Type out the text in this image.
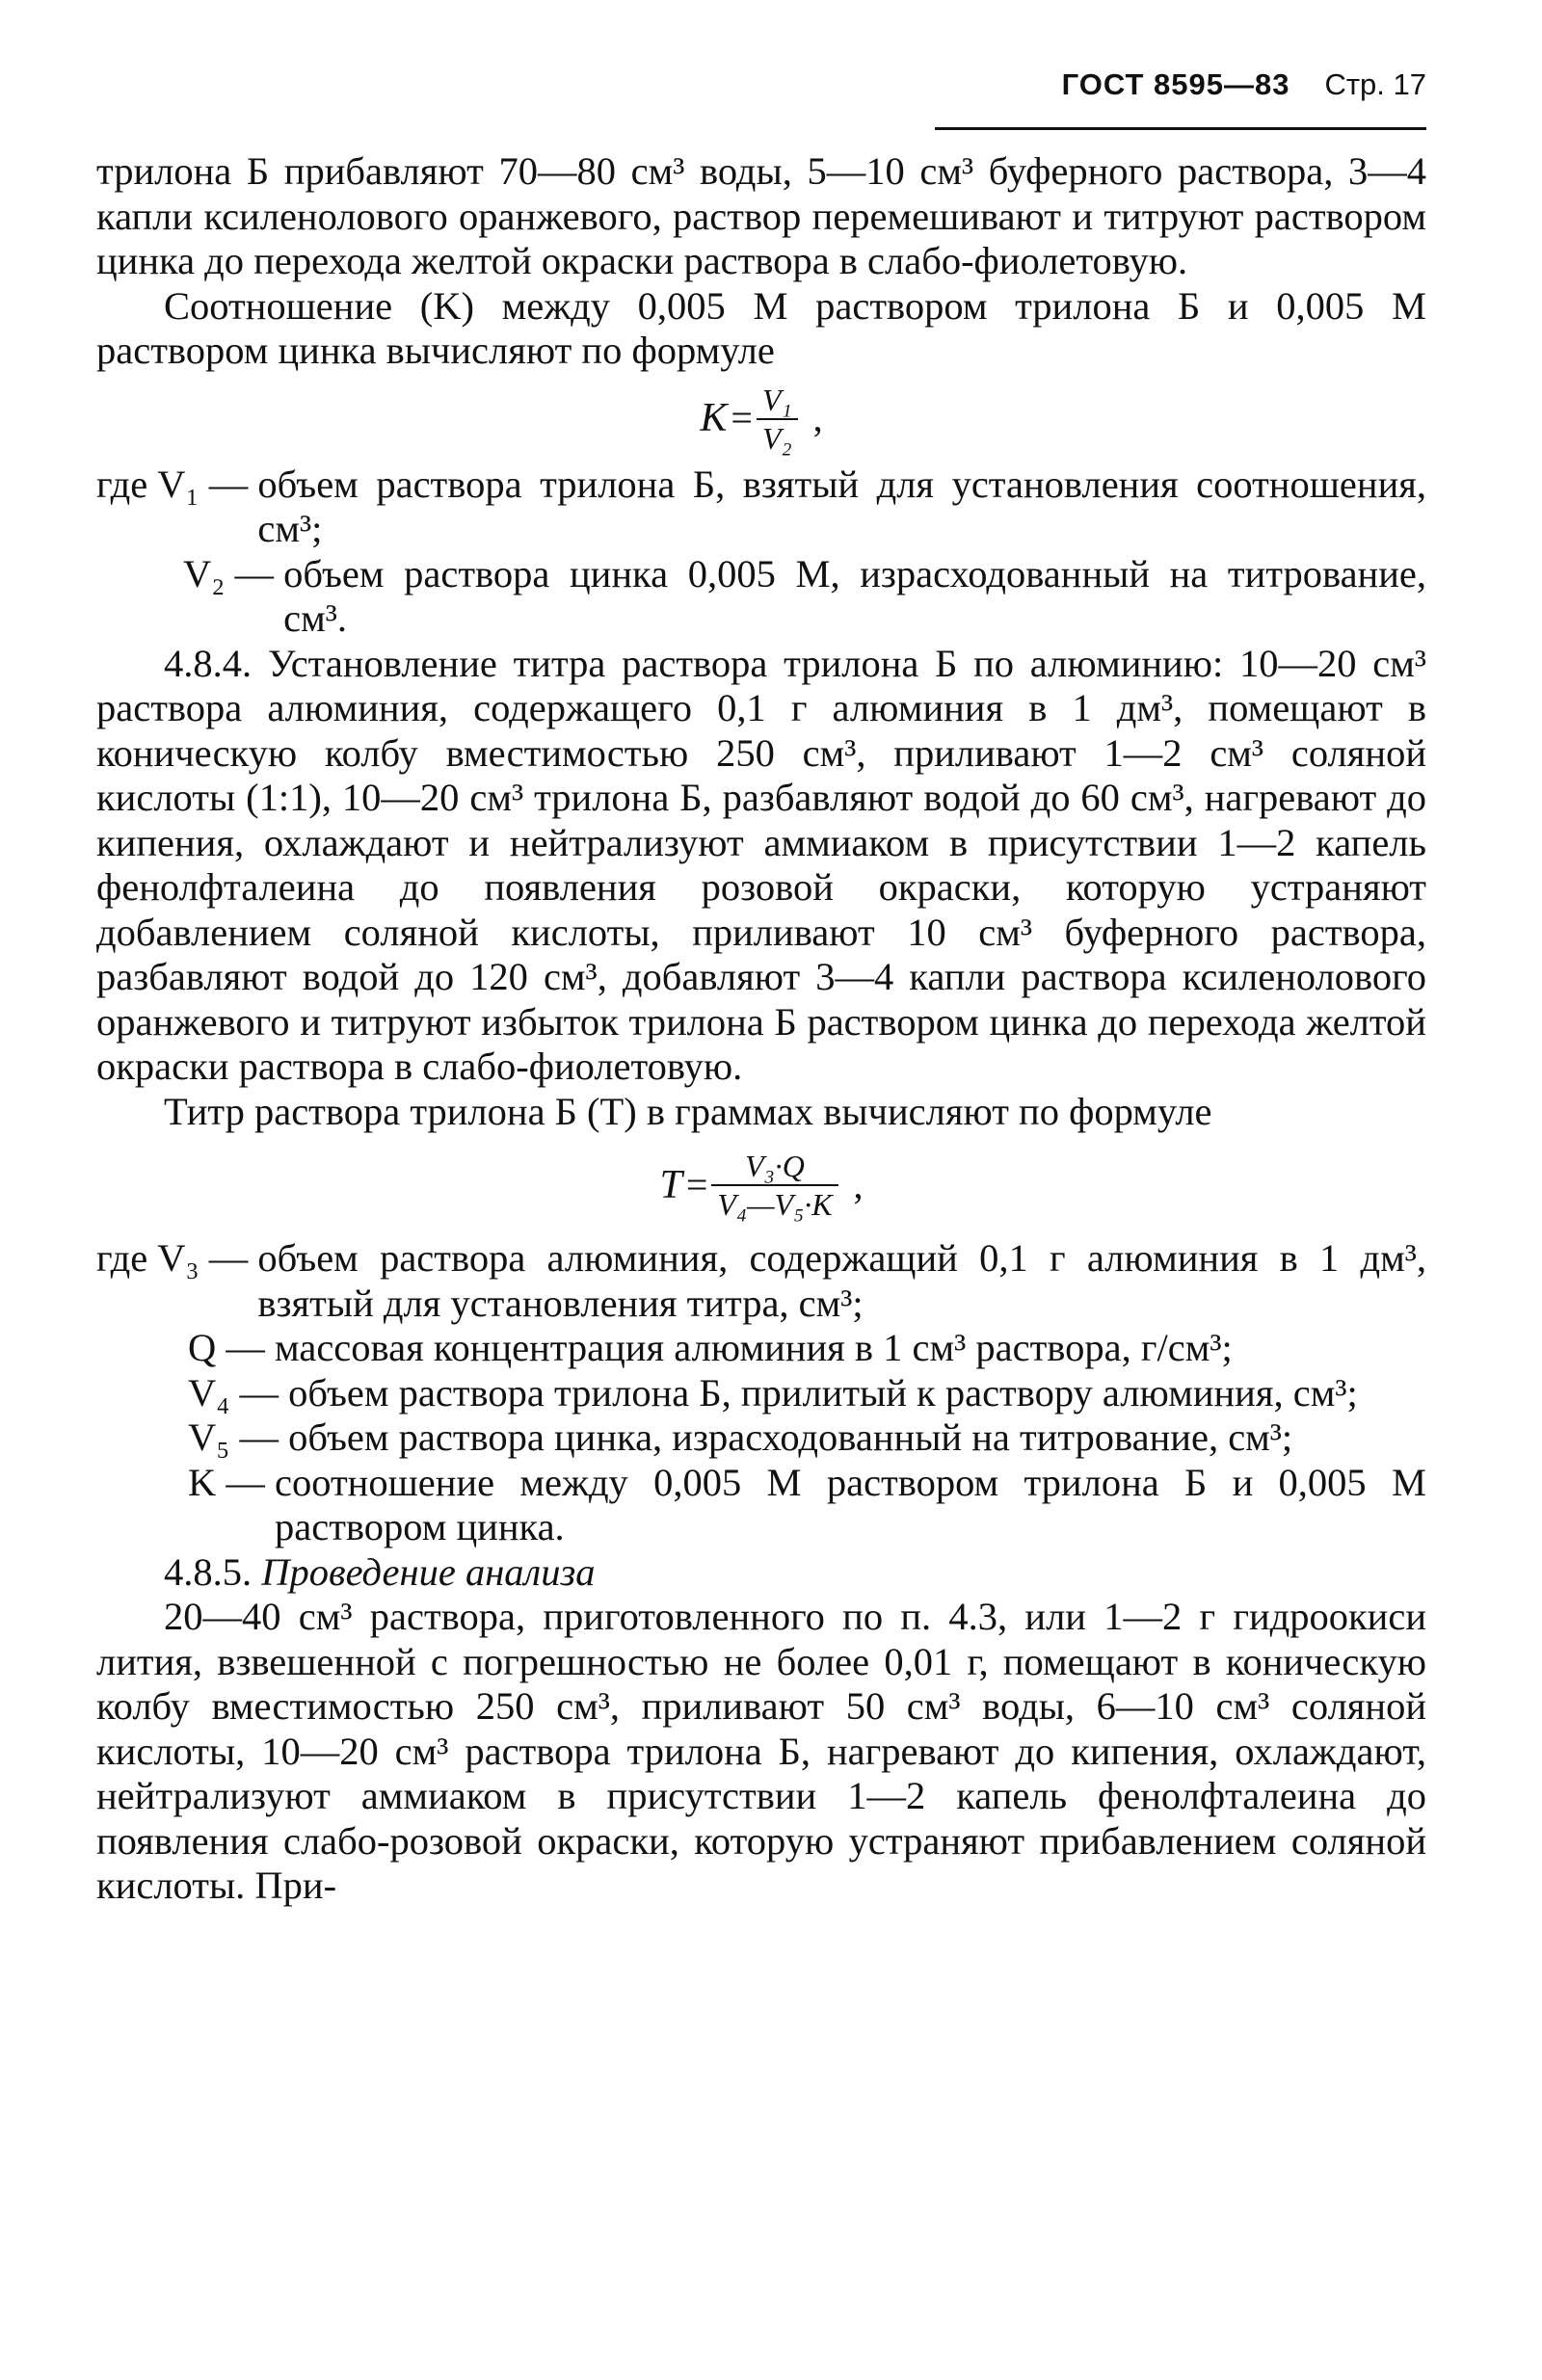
ГОСТ 8595—83 Стр. 17

трилона Б прибавляют 70—80 см³ воды, 5—10 см³ буферного раствора, 3—4 капли ксиленолового оранжевого, раствор перемешивают и титруют раствором цинка до перехода желтой окраски раствора в слабо-фиолетовую.

Соотношение (K) между 0,005 М раствором трилона Б и 0,005 М раствором цинка вычисляют по формуле

$K = \frac{\text{V₁}}{\text{V₂}}$ ,
где V₁ — объем раствора трилона Б, взятый для установления соотношения, см³;
V₂ — объем раствора цинка 0,005 М, израсходованный на титрование, см³.

4.8.4. Установление титра раствора трилона Б по алюминию: 10—20 см³ раствора алюминия, содержащего 0,1 г алюминия в 1 дм³, помещают в коническую колбу вместимостью 250 см³, приливают 1—2 см³ соляной кислоты (1:1), 10—20 см³ трилона Б, разбавляют водой до 60 см³, нагревают до кипения, охлаждают и нейтрализуют аммиаком в присутствии 1—2 капель фенолфталеина до появления розовой окраски, которую устраняют добавлением соляной кислоты, приливают 10 см³ буферного раствора, разбавляют водой до 120 см³, добавляют 3—4 капли раствора ксиленолового оранжевого и титруют избыток трилона Б раствором цинка до перехода желтой окраски раствора в слабо-фиолетовую.

Титр раствора трилона Б (T) в граммах вычисляют по формуле

$T = \frac{\text{V₃·Q}}{\text{V₄—V₅·K}}$ ,
где V₃ — объем раствора алюминия, содержащий 0,1 г алюминия в 1 дм³, взятый для установления титра, см³;
Q — массовая концентрация алюминия в 1 см³ раствора, г/см³;
V₄ — объем раствора трилона Б, прилитый к раствору алюминия, см³;
V₅ — объем раствора цинка, израсходованный на титрование, см³;
K — соотношение между 0,005 М раствором трилона Б и 0,005 М раствором цинка.

4.8.5. Проведение анализа

20—40 см³ раствора, приготовленного по п. 4.3, или 1—2 г гидроокиси лития, взвешенной с погрешностью не более 0,01 г, помещают в коническую колбу вместимостью 250 см³, приливают 50 см³ воды, 6—10 см³ соляной кислоты, 10—20 см³ раствора трилона Б, нагревают до кипения, охлаждают, нейтрализуют аммиаком в присутствии 1—2 капель фенолфталеина до появления слабо-розовой окраски, которую устраняют прибавлением соляной кислоты. При-
